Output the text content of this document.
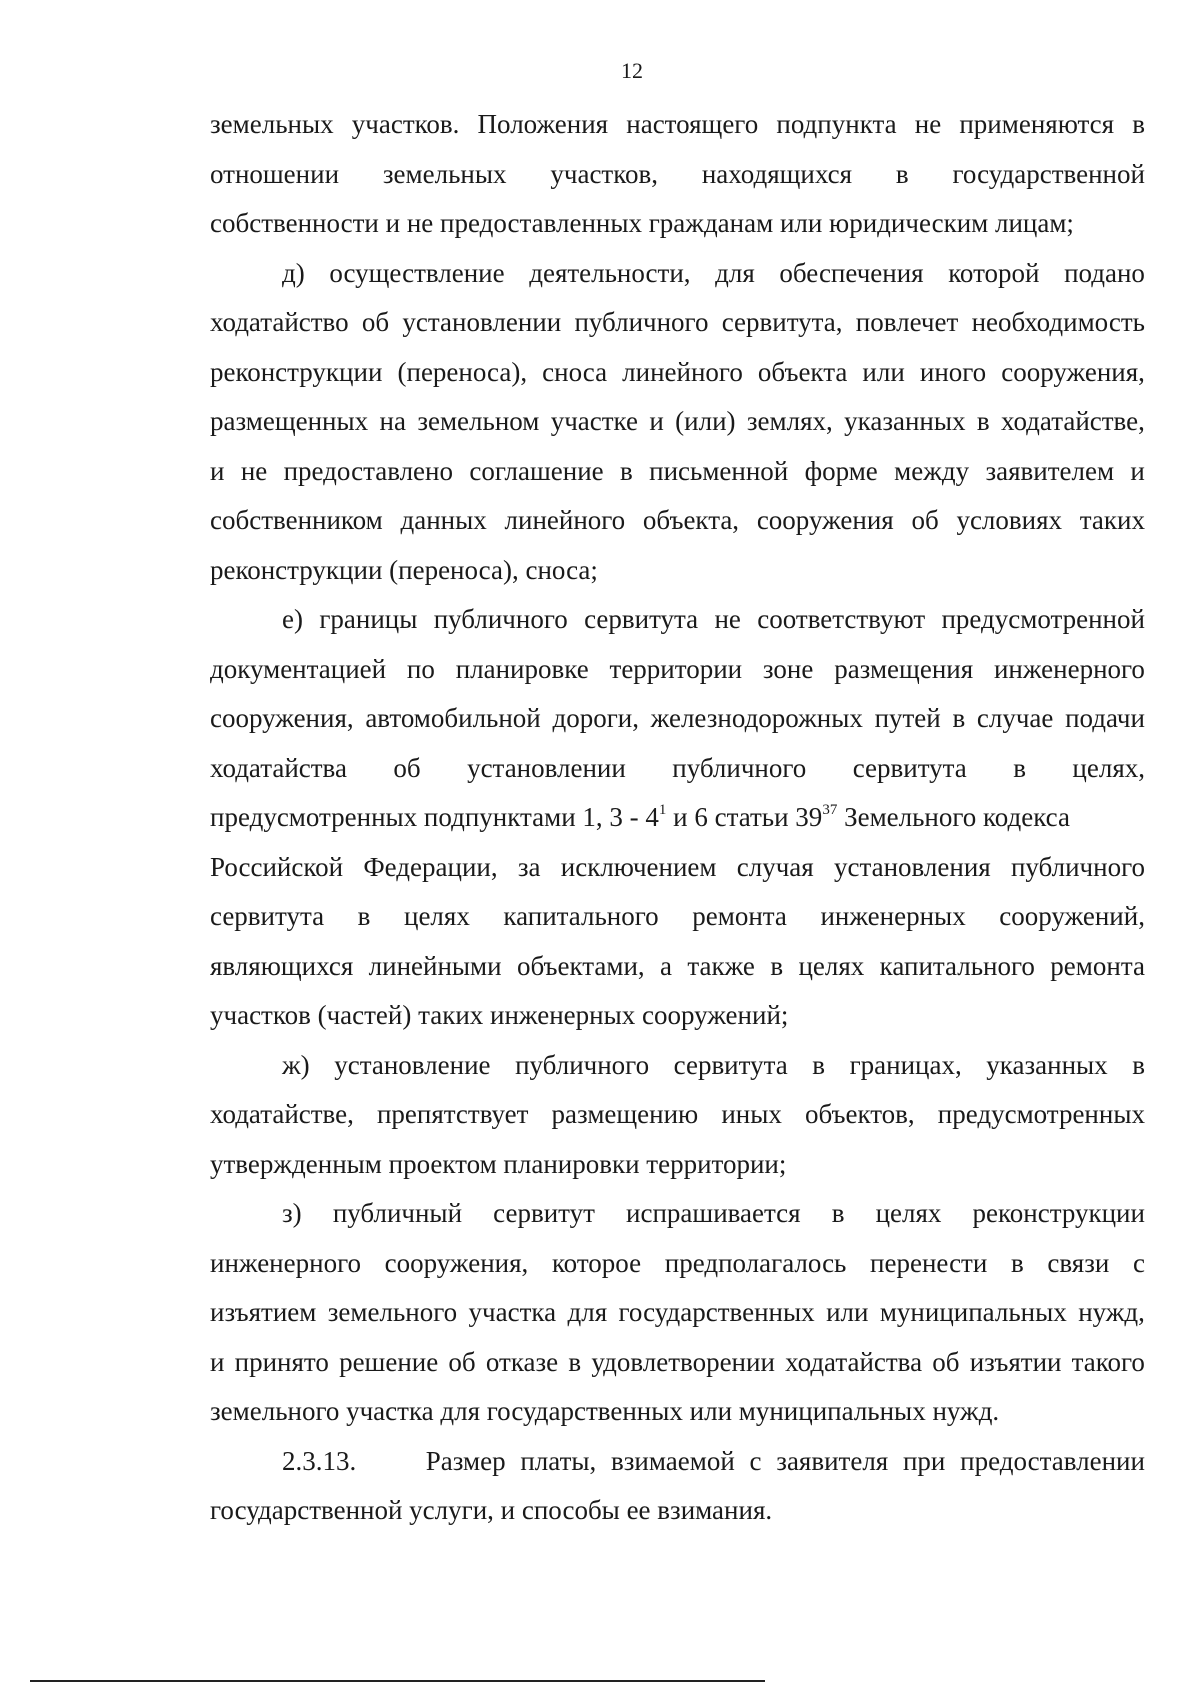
12
земельных участков. Положения настоящего подпункта не применяются в
отношении земельных участков, находящихся в государственной
собственности и не предоставленных гражданам или юридическим лицам;
д) осуществление деятельности, для обеспечения которой подано
ходатайство об установлении публичного сервитута, повлечет необходимость
реконструкции (переноса), сноса линейного объекта или иного сооружения,
размещенных на земельном участке и (или) землях, указанных в ходатайстве,
и не предоставлено соглашение в письменной форме между заявителем и
собственником данных линейного объекта, сооружения об условиях таких
реконструкции (переноса), сноса;
е) границы публичного сервитута не соответствуют предусмотренной
документацией по планировке территории зоне размещения инженерного
сооружения, автомобильной дороги, железнодорожных путей в случае подачи
ходатайства об установлении публичного сервитута в целях,
предусмотренных подпунктами 1, $3 - 4^1$ и 6 статьи $39^{37}$ Земельного кодекса
Российской Федерации, за исключением случая установления публичного
сервитута в целях капитального ремонта инженерных сооружений,
являющихся линейными объектами, а также в целях капитального ремонта
участков (частей) таких инженерных сооружений;
ж) установление публичного сервитута в границах, указанных в
ходатайстве, препятствует размещению иных объектов, предусмотренных
утвержденным проектом планировки территории;
з) публичный сервитут испрашивается в целях реконструкции
инженерного сооружения, которое предполагалось перенести в связи с
изъятием земельного участка для государственных или муниципальных нужд,
и принято решение об отказе в удовлетворении ходатайства об изъятии такого
земельного участка для государственных или муниципальных нужд.
2.3.13.	Размер платы, взимаемой с заявителя при предоставлении
государственной услуги, и способы ее взимания.
